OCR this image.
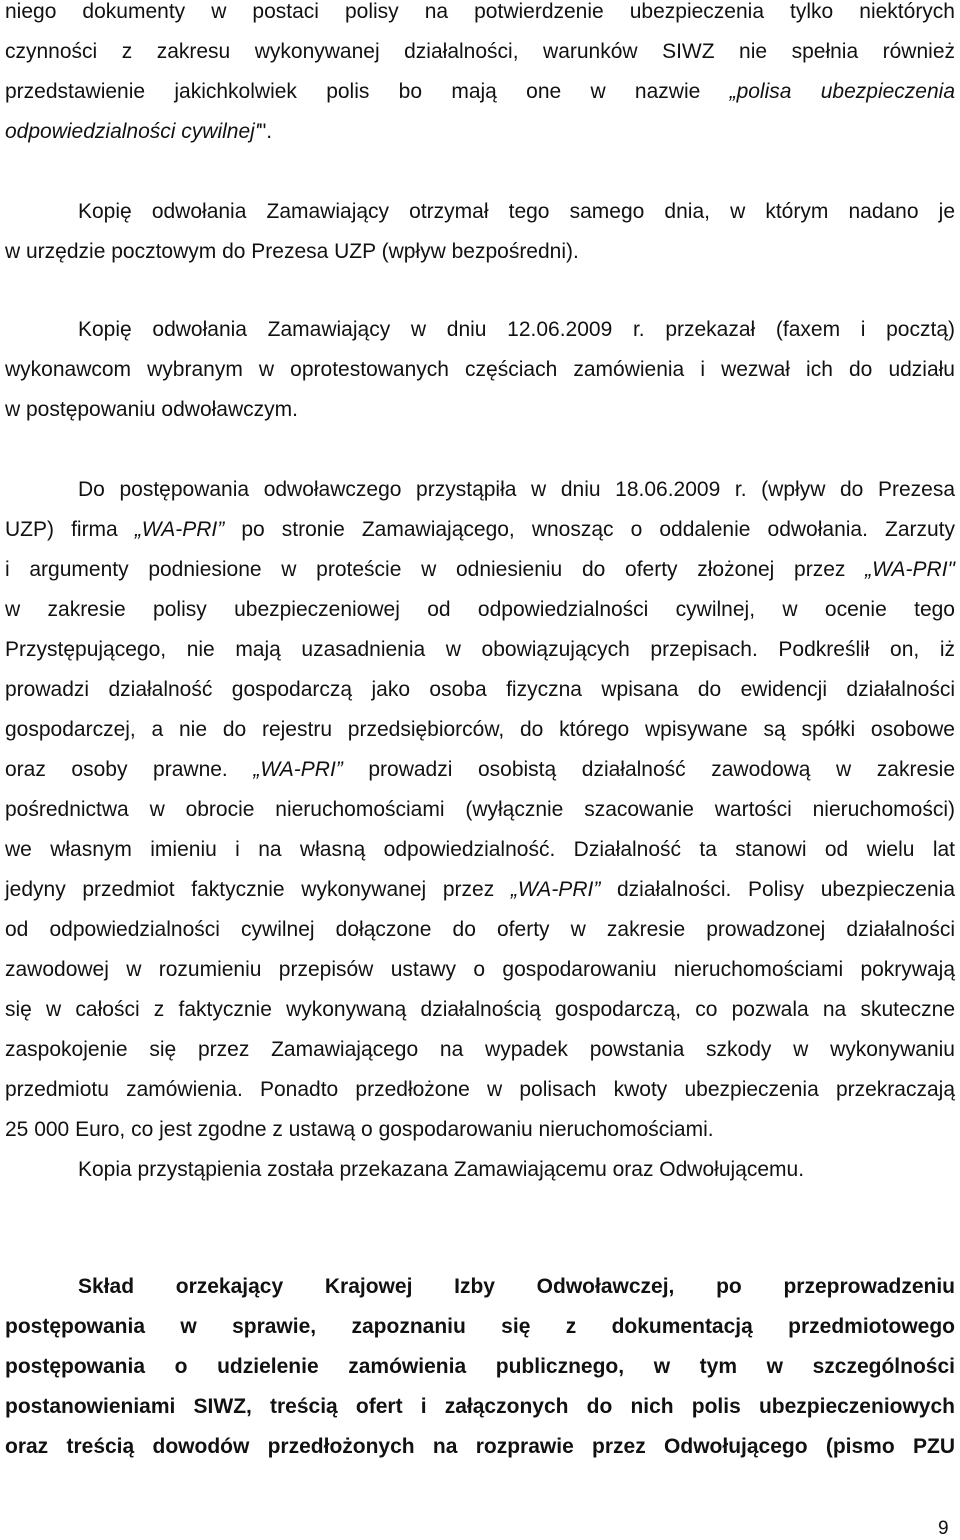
9
niego dokumenty w postaci polisy na potwierdzenie ubezpieczenia tylko niektórych
czynności z zakresu wykonywanej działalności, warunków SIWZ nie spełnia również
przedstawienie jakichkolwiek polis bo mają one w nazwie „polisa ubezpieczenia
odpowiedzialności cywilnej'".
Kopię odwołania Zamawiający otrzymał tego samego dnia, w którym nadano je
w urzędzie pocztowym do Prezesa UZP (wpływ bezpośredni).
Kopię odwołania Zamawiający w dniu 12.06.2009 r. przekazał (faxem i pocztą)
wykonawcom wybranym w oprotestowanych częściach zamówienia i wezwał ich do udziału
w postępowaniu odwoławczym.
Do postępowania odwoławczego przystąpiła w dniu 18.06.2009 r. (wpływ do Prezesa
UZP) firma „WA-PRI” po stronie Zamawiającego, wnosząc o oddalenie odwołania. Zarzuty
i argumenty podniesione w proteście w odniesieniu do oferty złożonej przez „WA-PRI"
w zakresie polisy ubezpieczeniowej od odpowiedzialności cywilnej, w ocenie tego
Przystępującego, nie mają uzasadnienia w obowiązujących przepisach. Podkreślił on, iż
prowadzi działalność gospodarczą jako osoba fizyczna wpisana do ewidencji działalności
gospodarczej, a nie do rejestru przedsiębiorców, do którego wpisywane są spółki osobowe
oraz osoby prawne. „WA-PRI” prowadzi osobistą działalność zawodową w zakresie
pośrednictwa w obrocie nieruchomościami (wyłącznie szacowanie wartości nieruchomości)
we własnym imieniu i na własną odpowiedzialność. Działalność ta stanowi od wielu lat
jedyny przedmiot faktycznie wykonywanej przez „WA-PRI” działalności. Polisy ubezpieczenia
od odpowiedzialności cywilnej dołączone do oferty w zakresie prowadzonej działalności
zawodowej w rozumieniu przepisów ustawy o gospodarowaniu nieruchomościami pokrywają
się w całości z faktycznie wykonywaną działalnością gospodarczą, co pozwala na skuteczne
zaspokojenie się przez Zamawiającego na wypadek powstania szkody w wykonywaniu
przedmiotu zamówienia. Ponadto przedłożone w polisach kwoty ubezpieczenia przekraczają
25 000 Euro, co jest zgodne z ustawą o gospodarowaniu nieruchomościami.
Kopia przystąpienia została przekazana Zamawiającemu oraz Odwołującemu.
Skład orzekający Krajowej Izby Odwoławczej, po przeprowadzeniu
postępowania w sprawie, zapoznaniu się z dokumentacją przedmiotowego
postępowania o udzielenie zamówienia publicznego, w tym w szczególności
postanowieniami SIWZ, treścią ofert i załączonych do nich polis ubezpieczeniowych
oraz treścią dowodów przedłożonych na rozprawie przez Odwołującego (pismo PZU
